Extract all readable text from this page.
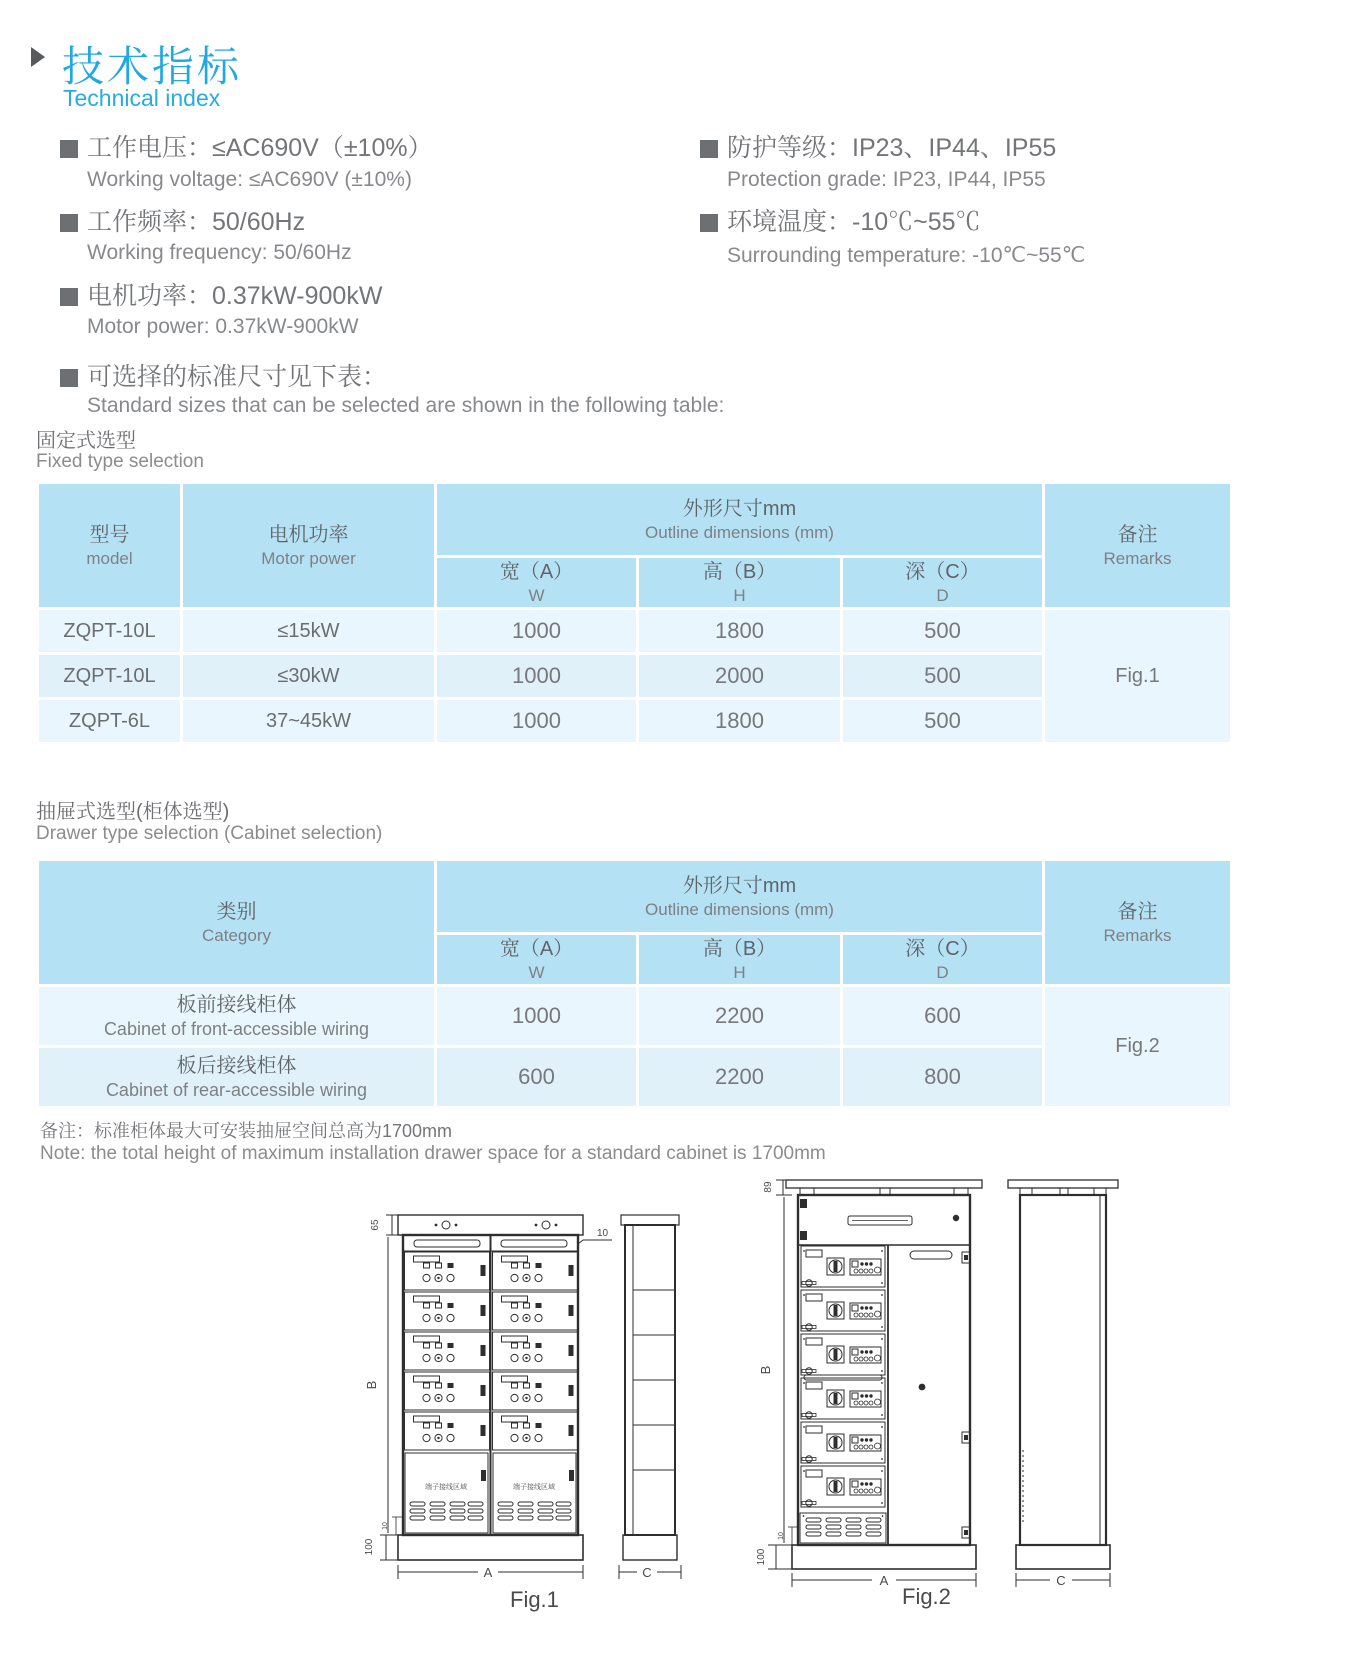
技术指标
Technical index
工作电压：≤AC690V（±10%）
Working voltage: ≤AC690V (±10%)
工作频率：50/60Hz
Working frequency: 50/60Hz
电机功率：0.37kW-900kW
Motor power: 0.37kW-900kW
防护等级：IP23、IP44、IP55
Protection grade: IP23, IP44, IP55
环境温度：-10℃~55℃
Surrounding temperature: -10℃~55℃
可选择的标准尺寸见下表：
Standard sizes that can be selected are shown in the following table:
固定式选型
Fixed type selection
型号
model

电机功率
Motor power

外形尺寸mm
Outline dimensions (mm)	备注
Remarks

宽（A）
W

高（B）
H

深（C）
D

ZQPT-10L	≤15kW	1000	1800	500	Fig.1
ZQPT-10L	≤30kW	1000	2000	500	
ZQPT-6L	37~45kW	1000	1800	500	
抽屉式选型(柜体选型)
Drawer type selection (Cabinet selection)
类别
Category

外形尺寸mm
Outline dimensions (mm)	备注
Remarks

宽（A）
W

高（B）
H

深（C）
D

板前接线柜体
Cabinet of front-accessible wiring	1000	2200	600	Fig.2

板后接线柜体
Cabinet of rear-accessible wiring	600	2200	800	
备注：标准柜体最大可安装抽屉空间总高为1700mm
Note: the total height of maximum installation drawer space for a standard cabinet is 1700mm
端子接线区域	端子接线区域
65
10
B
10
100
A	C
Fig.1
89
B
10
100
A	C
Fig.2
